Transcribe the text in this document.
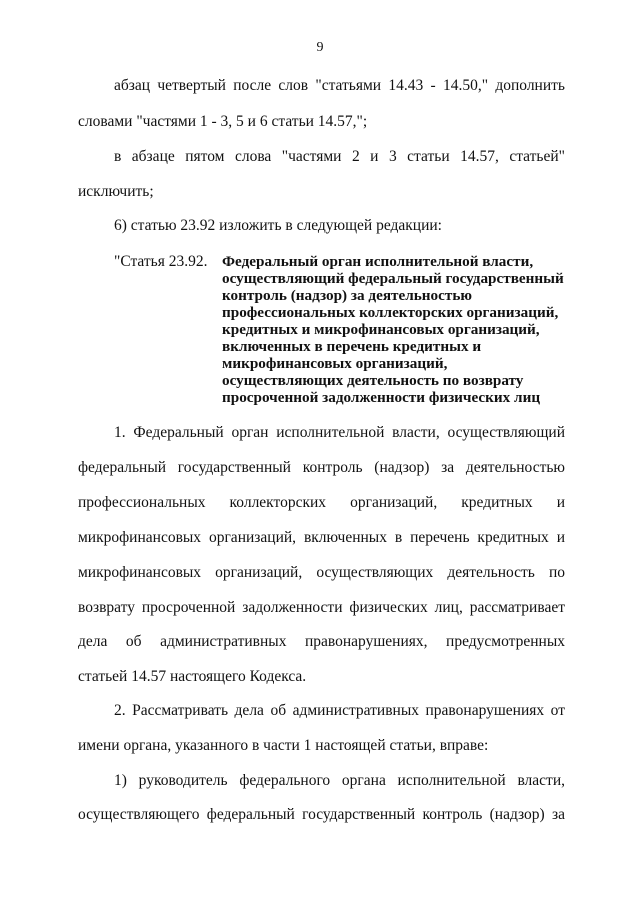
9
абзац четвертый после слов "статьями 14.43 - 14.50," дополнить
словами "частями 1 - 3, 5 и 6 статьи 14.57,";
в абзаце пятом слова "частями 2 и 3 статьи 14.57, статьей"
исключить;
6) статью 23.92 изложить в следующей редакции:
"Статья 23.92. Федеральный орган исполнительной власти,
осуществляющий федеральный государственный
контроль (надзор) за деятельностью
профессиональных коллекторских организаций,
кредитных и микрофинансовых организаций,
включенных в перечень кредитных и
микрофинансовых организаций,
осуществляющих деятельность по возврату
просроченной задолженности физических лиц
1. Федеральный орган исполнительной власти, осуществляющий
федеральный государственный контроль (надзор) за деятельностью
профессиональных коллекторских организаций, кредитных и
микрофинансовых организаций, включенных в перечень кредитных и
микрофинансовых организаций, осуществляющих деятельность по
возврату просроченной задолженности физических лиц, рассматривает
дела об административных правонарушениях, предусмотренных
статьей 14.57 настоящего Кодекса.
2. Рассматривать дела об административных правонарушениях от
имени органа, указанного в части 1 настоящей статьи, вправе:
1) руководитель федерального органа исполнительной власти,
осуществляющего федеральный государственный контроль (надзор) за
